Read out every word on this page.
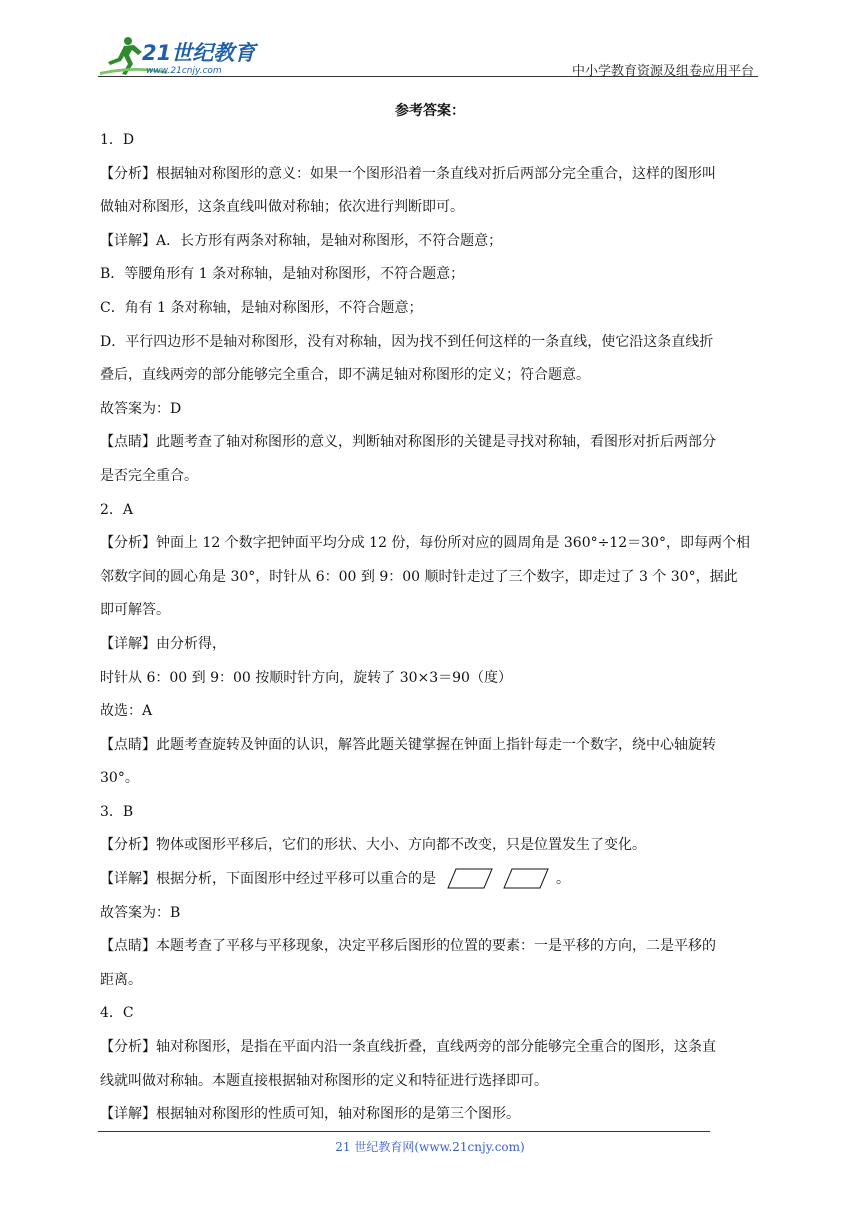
21世纪教育
www.21cnjy.com	中小学教育资源及组卷应用平台
参考答案：

1．D

【分析】根据轴对称图形的意义：如果一个图形沿着一条直线对折后两部分完全重合，这样的图形叫

做轴对称图形，这条直线叫做对称轴；依次进行判断即可。

【详解】A．长方形有两条对称轴，是轴对称图形，不符合题意；

B．等腰角形有 1 条对称轴，是轴对称图形，不符合题意；

C．角有 1 条对称轴，是轴对称图形，不符合题意；

D．平行四边形不是轴对称图形，没有对称轴，因为找不到任何这样的一条直线，使它沿这条直线折

叠后，直线两旁的部分能够完全重合，即不满足轴对称图形的定义；符合题意。

故答案为：D

【点睛】此题考查了轴对称图形的意义，判断轴对称图形的关键是寻找对称轴，看图形对折后两部分

是否完全重合。

2．A

【分析】钟面上 12 个数字把钟面平均分成 12 份，每份所对应的圆周角是 360°÷12＝30°，即每两个相

邻数字间的圆心角是 30°，时针从 6：00 到 9：00 顺时针走过了三个数字，即走过了 3 个 30°，据此

即可解答。

【详解】由分析得，

时针从 6：00 到 9：00 按顺时针方向，旋转了 30×3＝90（度）

故选：A

【点睛】此题考查旋转及钟面的认识，解答此题关键掌握在钟面上指针每走一个数字，绕中心轴旋转

30°。

3．B

【分析】物体或图形平移后，它们的形状、大小、方向都不改变，只是位置发生了变化。

【详解】根据分析，下面图形中经过平移可以重合的是	。

故答案为：B

【点睛】本题考查了平移与平移现象，决定平移后图形的位置的要素：一是平移的方向，二是平移的

距离。

4．C

【分析】轴对称图形，是指在平面内沿一条直线折叠，直线两旁的部分能够完全重合的图形，这条直

线就叫做对称轴。本题直接根据轴对称图形的定义和特征进行选择即可。

【详解】根据轴对称图形的性质可知，轴对称图形的是第三个图形。

21 世纪教育网(www.21cnjy.com)
